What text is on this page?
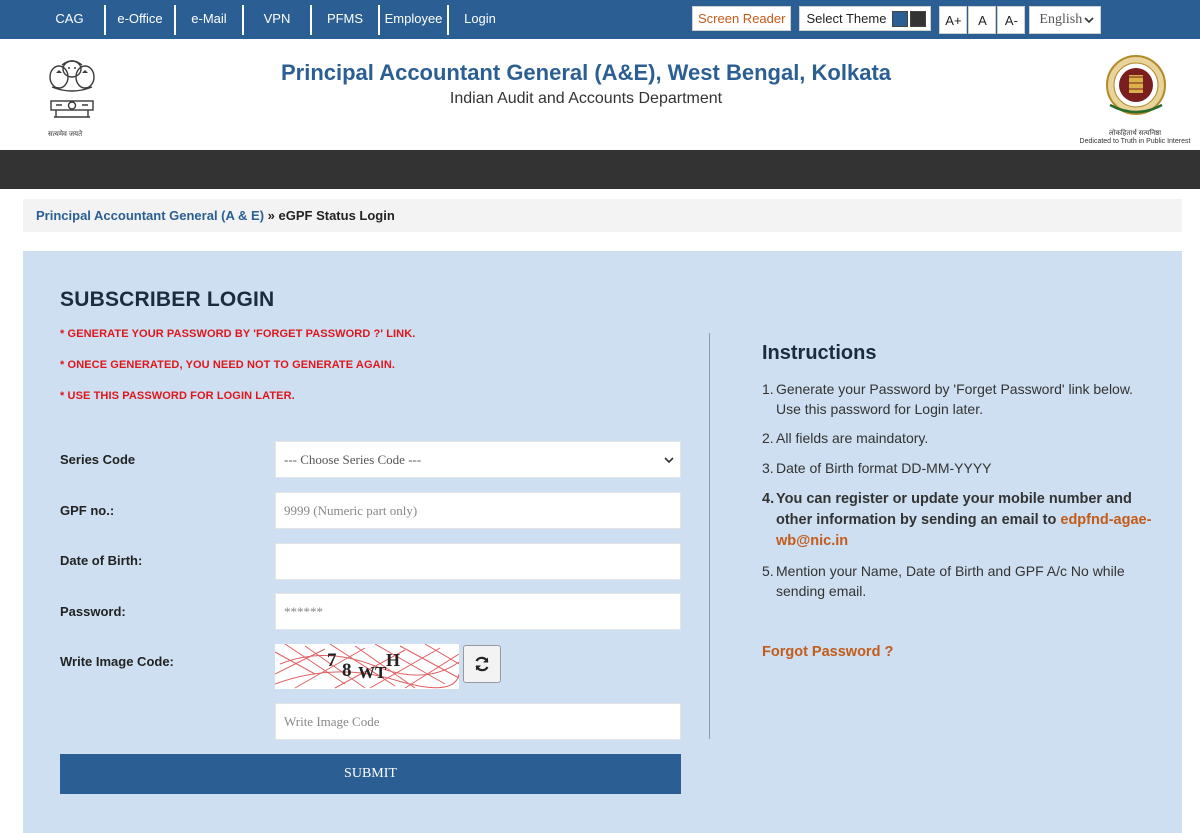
CAG	e-Office	e-Mail	VPN	PFMS	Employee	Login	Screen Reader	Select Theme	A+	A	A-	English
सत्यमेव जयते
Principal Accountant General (A&E), West Bengal, Kolkata
Indian Audit and Accounts Department
लोकहितार्थ सत्यनिष्ठा
Dedicated to Truth in Public Interest
Principal Accountant General (A & E) » eGPF Status Login
SUBSCRIBER LOGIN
* GENERATE YOUR PASSWORD BY 'FORGET PASSWORD ?' LINK.
* ONECE GENERATED, YOU NEED NOT TO GENERATE AGAIN.
* USE THIS PASSWORD FOR LOGIN LATER.
Series Code	--- Choose Series Code ---
GPF no.:	9999 (Numeric part only)
Date of Birth:
Password:	******
Write Image Code:	7 8 WT
H
Write Image Code
SUBMIT
Instructions
1. Generate your Password by 'Forget Password' link below. Use this password for Login later.
2. All fields are maindatory.
3. Date of Birth format DD-MM-YYYY
4. You can register or update your mobile number and other information by sending an email to edpfnd-agae-wb@nic.in
5. Mention your Name, Date of Birth and GPF A/c No while sending email.
Forgot Password ?
